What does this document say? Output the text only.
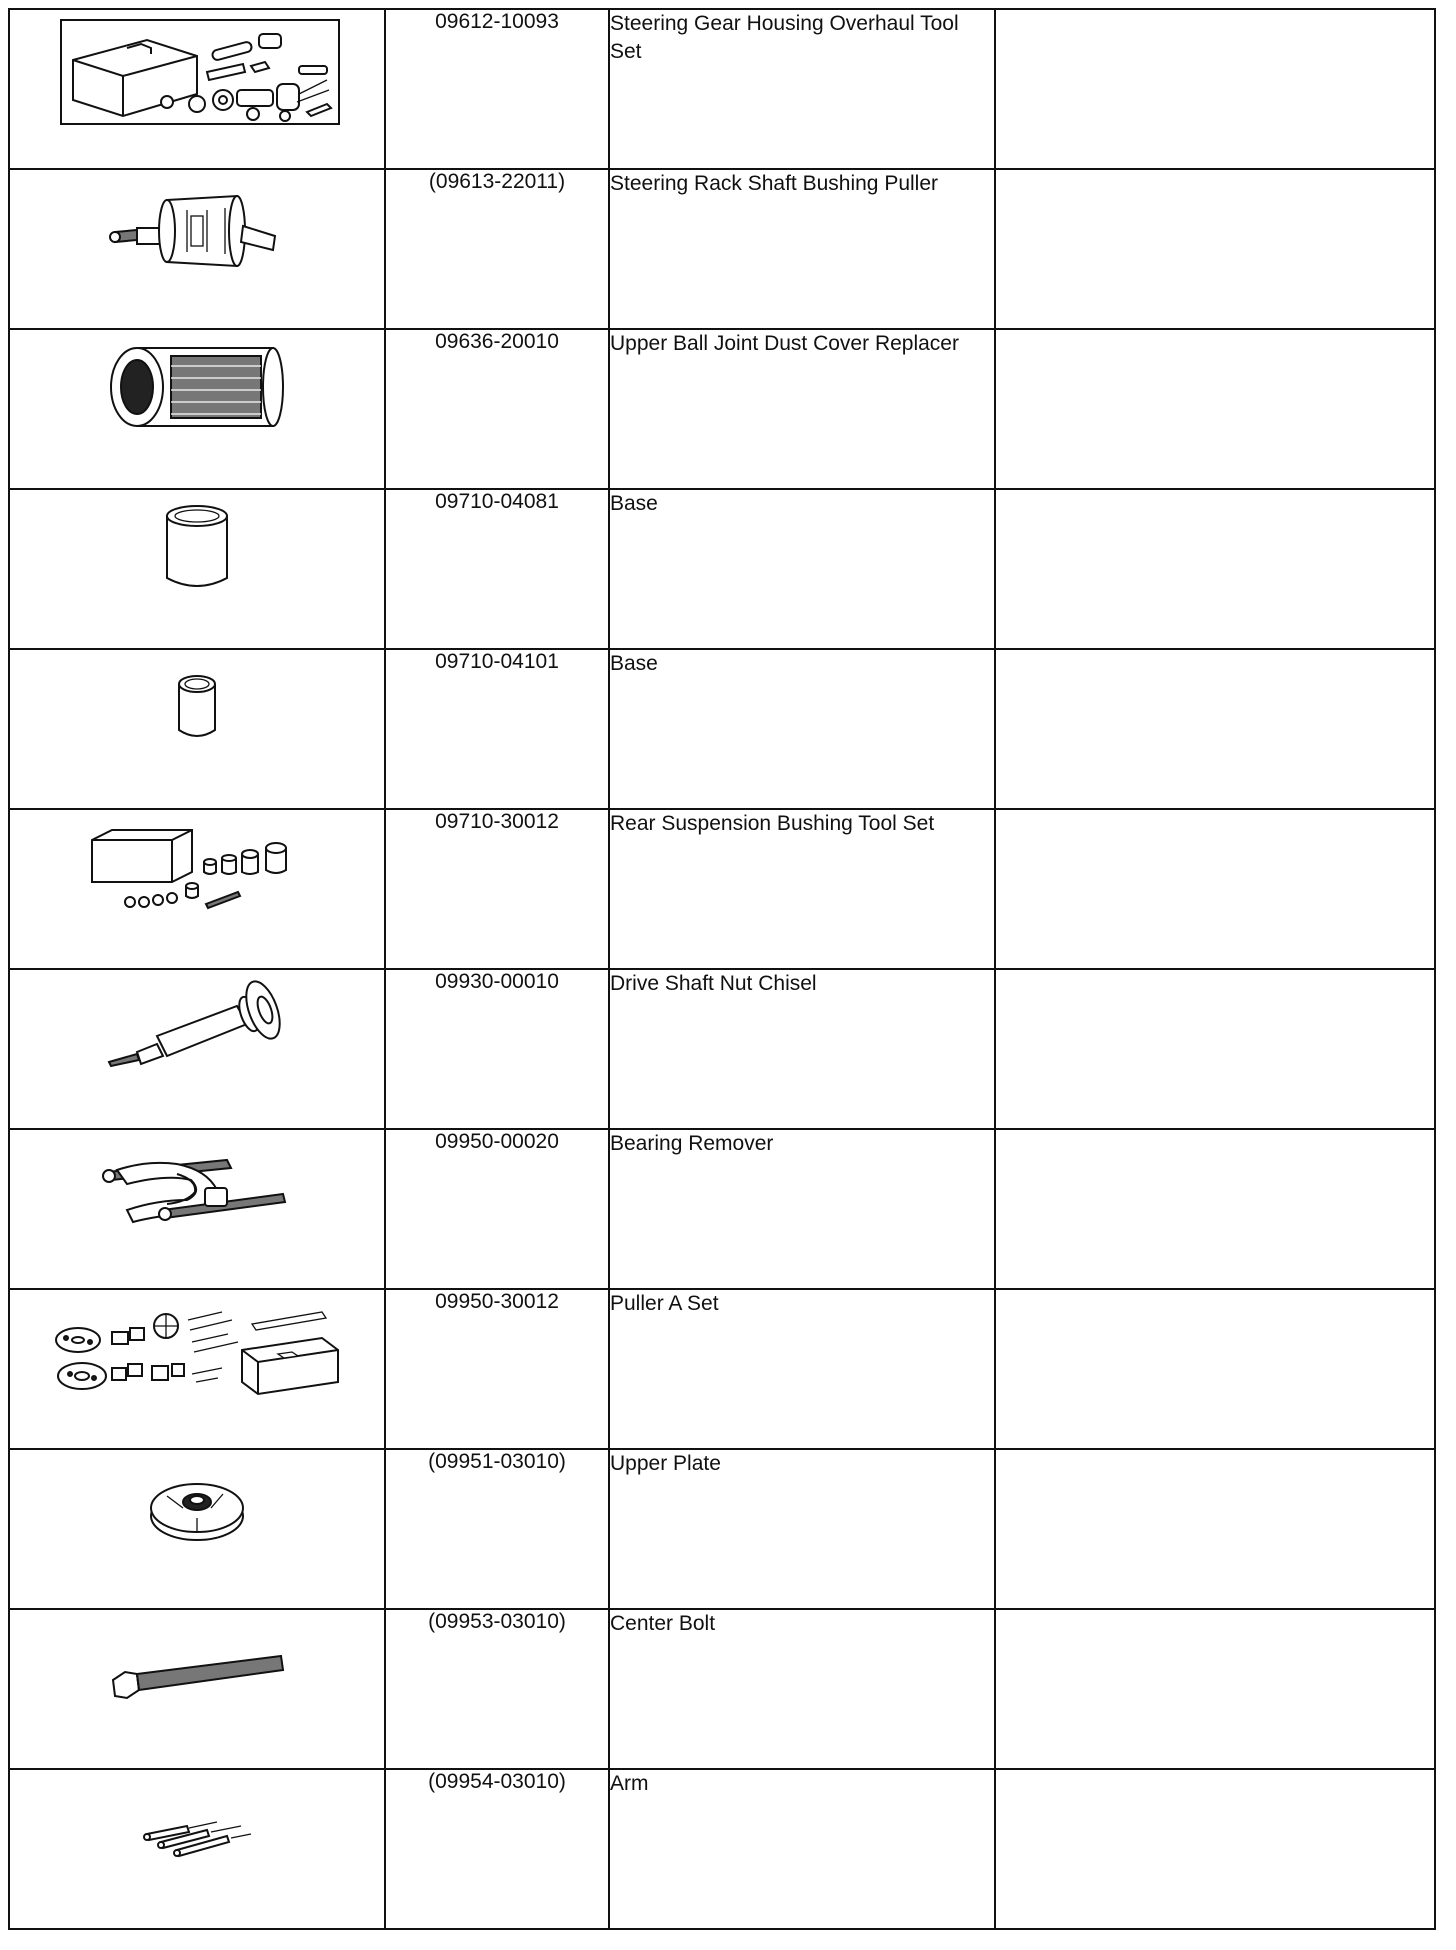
	09612-10093	Steering Gear Housing Overhaul Tool Set	

	(09613-22011)	Steering Rack Shaft Bushing Puller	

	09636-20010	Upper Ball Joint Dust Cover Replacer	

	09710-04081	Base	

	09710-04101	Base	

	09710-30012	Rear Suspension Bushing Tool Set	

	09930-00010	Drive Shaft Nut Chisel	

	09950-00020	Bearing Remover	

	09950-30012	Puller A Set	

	(09951-03010)	Upper Plate	

	(09953-03010)	Center Bolt	

	(09954-03010)	Arm	
